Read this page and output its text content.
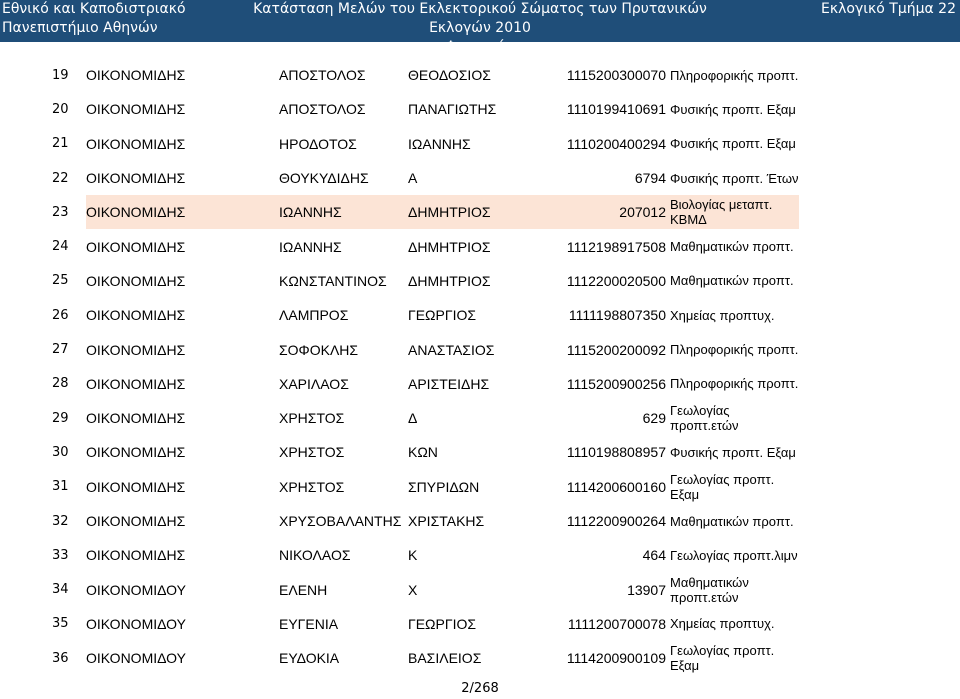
Εθνικό και Καποδιστριακό
Πανεπιστήμιο Αθηνών
Κατάσταση Μελών του Εκλεκτορικού Σώματος των Πρυτανικών Εκλογών 2010
Φοιτητών
Εκλογικό Τμήμα 22
19	ΟΙΚΟΝΟΜΙΔΗΣ	ΑΠΟΣΤΟΛΟΣ	ΘΕΟΔΟΣΙΟΣ	1115200300070	Πληροφορικής προπτ.
20	ΟΙΚΟΝΟΜΙΔΗΣ	ΑΠΟΣΤΟΛΟΣ	ΠΑΝΑΓΙΩΤΗΣ	1110199410691	Φυσικής προπτ. Εξαμ
21	ΟΙΚΟΝΟΜΙΔΗΣ	ΗΡΟΔΟΤΟΣ	ΙΩΑΝΝΗΣ	1110200400294	Φυσικής προπτ. Εξαμ
22	ΟΙΚΟΝΟΜΙΔΗΣ	ΘΟΥΚΥΔΙΔΗΣ	Α	6794	Φυσικής προπτ. Έτων
23	ΟΙΚΟΝΟΜΙΔΗΣ	ΙΩΑΝΝΗΣ	ΔΗΜΗΤΡΙΟΣ	207012	Βιολογίας μεταπτ. ΚΒΜΔ
24	ΟΙΚΟΝΟΜΙΔΗΣ	ΙΩΑΝΝΗΣ	ΔΗΜΗΤΡΙΟΣ	1112198917508	Μαθηματικών προπτ.
25	ΟΙΚΟΝΟΜΙΔΗΣ	ΚΩΝΣΤΑΝΤΙΝΟΣ	ΔΗΜΗΤΡΙΟΣ	1112200020500	Μαθηματικών προπτ.
26	ΟΙΚΟΝΟΜΙΔΗΣ	ΛΑΜΠΡΟΣ	ΓΕΩΡΓΙΟΣ	1111198807350	Χημείας προπτυχ.
27	ΟΙΚΟΝΟΜΙΔΗΣ	ΣΟΦΟΚΛΗΣ	ΑΝΑΣΤΑΣΙΟΣ	1115200200092	Πληροφορικής προπτ.
28	ΟΙΚΟΝΟΜΙΔΗΣ	ΧΑΡΙΛΑΟΣ	ΑΡΙΣΤΕΙΔΗΣ	1115200900256	Πληροφορικής προπτ.
29	ΟΙΚΟΝΟΜΙΔΗΣ	ΧΡΗΣΤΟΣ	Δ	629	Γεωλογίας προπτ.ετών
30	ΟΙΚΟΝΟΜΙΔΗΣ	ΧΡΗΣΤΟΣ	ΚΩΝ	1110198808957	Φυσικής προπτ. Εξαμ
31	ΟΙΚΟΝΟΜΙΔΗΣ	ΧΡΗΣΤΟΣ	ΣΠΥΡΙΔΩΝ	1114200600160	Γεωλογίας προπτ. Εξαμ
32	ΟΙΚΟΝΟΜΙΔΗΣ	ΧΡΥΣΟΒΑΛΑΝΤΗΣ	ΧΡΙΣΤΑΚΗΣ	1112200900264	Μαθηματικών προπτ.
33	ΟΙΚΟΝΟΜΙΔΗΣ	ΝΙΚΟΛΑΟΣ	Κ	464	Γεωλογίας προπτ.λιμν
34	ΟΙΚΟΝΟΜΙΔΟΥ	ΕΛΕΝΗ	Χ	13907	Μαθηματικών προπτ.ετών
35	ΟΙΚΟΝΟΜΙΔΟΥ	ΕΥΓΕΝΙΑ	ΓΕΩΡΓΙΟΣ	1111200700078	Χημείας προπτυχ.
36	ΟΙΚΟΝΟΜΙΔΟΥ	ΕΥΔΟΚΙΑ	ΒΑΣΙΛΕΙΟΣ	1114200900109	Γεωλογίας προπτ. Εξαμ
2/268
